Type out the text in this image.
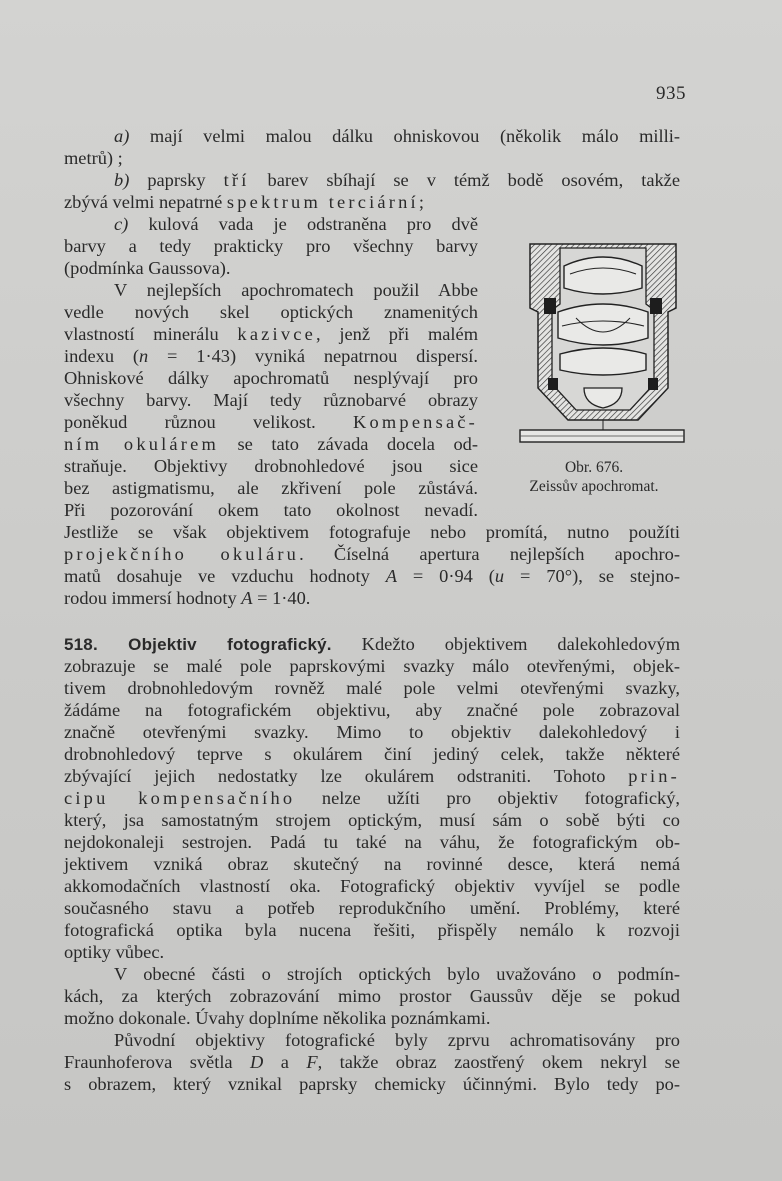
935
Obr. 676.
Zeissův apochromat.
a) mají velmi malou dálku ohniskovou (několik málo milli-
metrů) ;
b) paprsky tří barev sbíhají se v témž bodě osovém, takže
zbývá velmi nepatrné spektrum terciární;
c) kulová vada je odstraněna pro dvě
barvy a tedy prakticky pro všechny barvy
(podmínka Gaussova).
V nejlepších apochromatech použil Abbe
vedle nových skel optických znamenitých
vlastností minerálu kazivce, jenž při malém
indexu (n = 1·43) vyniká nepatrnou dispersí.
Ohniskové dálky apochromatů nesplývají pro
všechny barvy. Mají tedy různobarvé obrazy
poněkud různou velikost. Kompensač-
ním okulárem se tato závada docela od-
straňuje. Objektivy drobnohledové jsou sice
bez astigmatismu, ale zkřivení pole zůstává.
Při pozorování okem tato okolnost nevadí.
Jestliže se však objektivem fotografuje nebo promítá, nutno použíti
projekčního okuláru. Číselná apertura nejlepších apochro-
matů dosahuje ve vzduchu hodnoty A = 0·94 (u = 70°), se stejno-
rodou immersí hodnoty A = 1·40.
518. Objektiv fotografický. Kdežto objektivem dalekohledovým
zobrazuje se malé pole paprskovými svazky málo otevřenými, objek-
tivem drobnohledovým rovněž malé pole velmi otevřenými svazky,
žádáme na fotografickém objektivu, aby značné pole zobrazoval
značně otevřenými svazky. Mimo to objektiv dalekohledový i
drobnohledový teprve s okulárem činí jediný celek, takže některé
zbývající jejich nedostatky lze okulárem odstraniti. Tohoto prin-
cipu kompensačního nelze užíti pro objektiv fotografický,
který, jsa samostatným strojem optickým, musí sám o sobě býti co
nejdokonaleji sestrojen. Padá tu také na váhu, že fotografickým ob-
jektivem vzniká obraz skutečný na rovinné desce, která nemá
akkomodačních vlastností oka. Fotografický objektiv vyvíjel se podle
současného stavu a potřeb reprodukčního umění. Problémy, které
fotografická optika byla nucena řešiti, přispěly nemálo k rozvoji
optiky vůbec.
V obecné části o strojích optických bylo uvažováno o podmín-
kách, za kterých zobrazování mimo prostor Gaussův děje se pokud
možno dokonale. Úvahy doplníme několika poznámkami.
Původní objektivy fotografické byly zprvu achromatisovány pro
Fraunhoferova světla D a F, takže obraz zaostřený okem nekryl se
s obrazem, který vznikal paprsky chemicky účinnými. Bylo tedy po-
